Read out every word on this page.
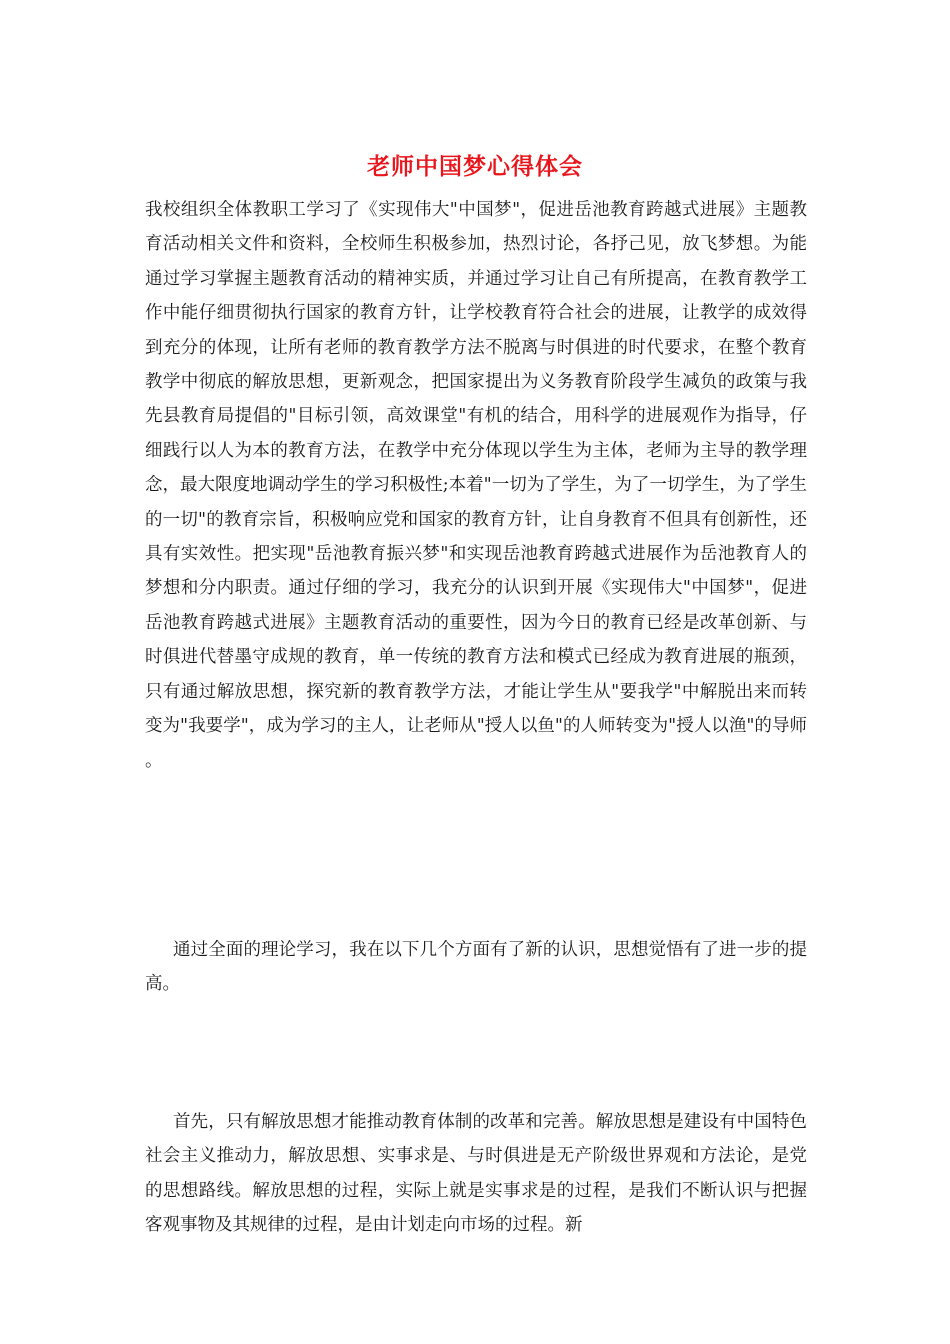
老师中国梦心得体会

我校组织全体教职工学习了《实现伟大"中国梦"，促进岳池教育跨越式进展》主题教育活动相关文件和资料，全校师生积极参加，热烈讨论，各抒己见，放飞梦想。为能通过学习掌握主题教育活动的精神实质，并通过学习让自己有所提高，在教育教学工作中能仔细贯彻执行国家的教育方针，让学校教育符合社会的进展，让教学的成效得到充分的体现，让所有老师的教育教学方法不脱离与时俱进的时代要求，在整个教育教学中彻底的解放思想，更新观念，把国家提出为义务教育阶段学生减负的政策与我先县教育局提倡的"目标引领，高效课堂"有机的结合，用科学的进展观作为指导，仔细践行以人为本的教育方法，在教学中充分体现以学生为主体，老师为主导的教学理念，最大限度地调动学生的学习积极性;本着"一切为了学生，为了一切学生，为了学生的一切"的教育宗旨，积极响应党和国家的教育方针，让自身教育不但具有创新性，还具有实效性。把实现"岳池教育振兴梦"和实现岳池教育跨越式进展作为岳池教育人的梦想和分内职责。通过仔细的学习，我充分的认识到开展《实现伟大"中国梦"，促进岳池教育跨越式进展》主题教育活动的重要性，因为今日的教育已经是改革创新、与时俱进代替墨守成规的教育，单一传统的教育方法和模式已经成为教育进展的瓶颈，只有通过解放思想，探究新的教育教学方法，才能让学生从"要我学"中解脱出来而转变为"我要学"，成为学习的主人，让老师从"授人以鱼"的人师转变为"授人以渔"的导师。

通过全面的理论学习，我在以下几个方面有了新的认识，思想觉悟有了进一步的提高。

首先，只有解放思想才能推动教育体制的改革和完善。解放思想是建设有中国特色社会主义推动力，解放思想、实事求是、与时俱进是无产阶级世界观和方法论，是党的思想路线。解放思想的过程，实际上就是实事求是的过程，是我们不断认识与把握客观事物及其规律的过程，是由计划走向市场的过程。新
